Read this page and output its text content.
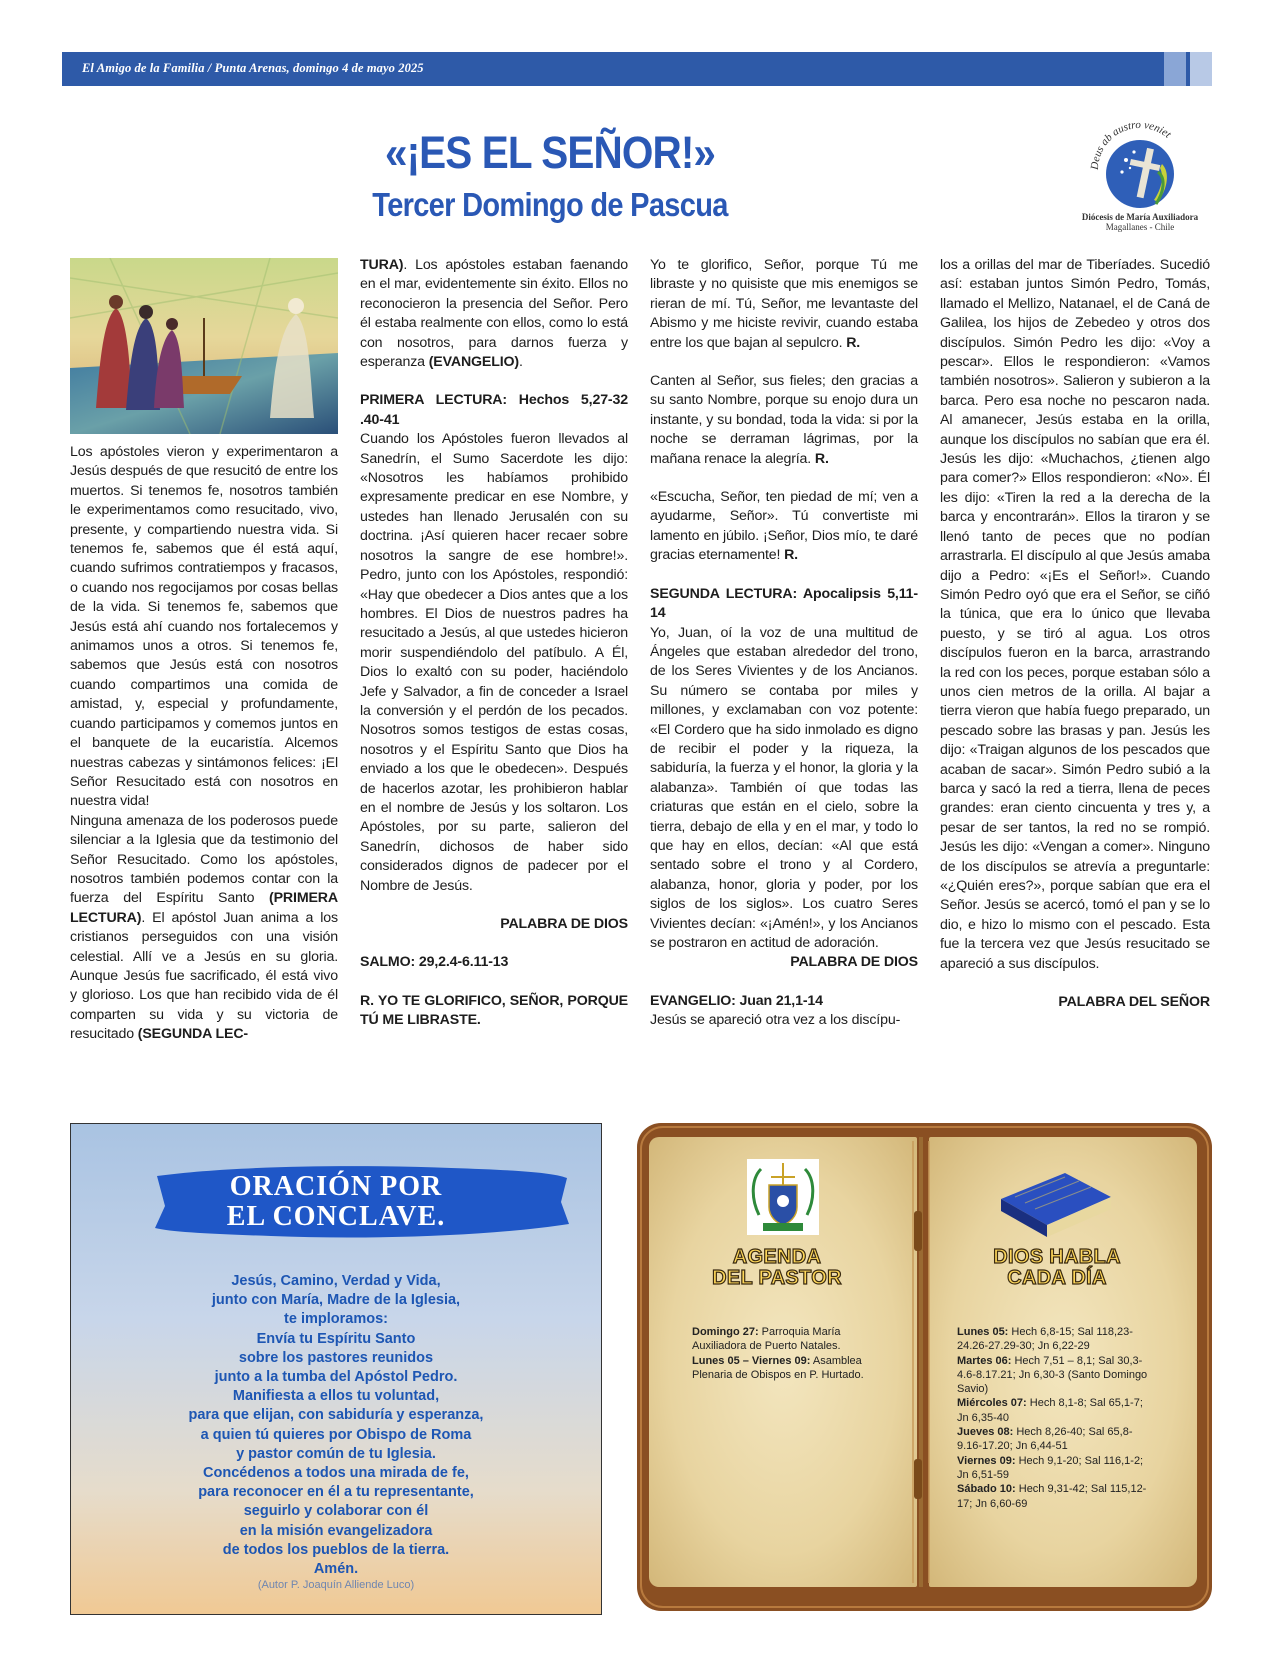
El Amigo de la Familia / Punta Arenas, domingo 4 de mayo 2025
«¡ES EL SEÑOR!»
Tercer Domingo de Pascua
Deus ab austro veniet
Diócesis de María Auxiliadora
Magallanes - Chile

Los apóstoles vieron y experimentaron a Jesús después de que resucitó de entre los muertos. Si tenemos fe, nosotros también le experimentamos como resucitado, vivo, presente, y compartiendo nuestra vida. Si tenemos fe, sabemos que él está aquí, cuando sufrimos contratiempos y fracasos, o cuando nos regocijamos por cosas bellas de la vida. Si tenemos fe, sabemos que Jesús está ahí cuando nos fortalecemos y animamos unos a otros. Si tenemos fe, sabemos que Jesús está con nosotros cuando compartimos una comida de amistad, y, especial y profundamente, cuando participamos y comemos juntos en el banquete de la eucaristía. Alcemos nuestras cabezas y sintámonos felices: ¡El Señor Resucitado está con nosotros en nuestra vida!

Ninguna amenaza de los poderosos puede silenciar a la Iglesia que da testimonio del Señor Resucitado. Como los apóstoles, nosotros también podemos contar con la fuerza del Espíritu Santo (PRIMERA LECTURA). El apóstol Juan anima a los cristianos perseguidos con una visión celestial. Allí ve a Jesús en su gloria. Aunque Jesús fue sacrificado, él está vivo y glorioso. Los que han recibido vida de él comparten su vida y su victoria de resucitado (SEGUNDA LEC-

TURA). Los apóstoles estaban faenando en el mar, evidentemente sin éxito. Ellos no reconocieron la presencia del Señor. Pero él estaba realmente con ellos, como lo está con nosotros, para darnos fuerza y esperanza (EVANGELIO).

PRIMERA LECTURA: Hechos 5,27-32 .40-41

Cuando los Apóstoles fueron llevados al Sanedrín, el Sumo Sacerdote les dijo: «Nosotros les habíamos prohibido expresamente predicar en ese Nombre, y ustedes han llenado Jerusalén con su doctrina. ¡Así quieren hacer recaer sobre nosotros la sangre de ese hombre!». Pedro, junto con los Apóstoles, respondió: «Hay que obedecer a Dios antes que a los hombres. El Dios de nuestros padres ha resucitado a Jesús, al que ustedes hicieron morir suspendiéndolo del patíbulo. A Él, Dios lo exaltó con su poder, haciéndolo Jefe y Salvador, a fin de conceder a Israel la conversión y el perdón de los pecados. Nosotros somos testigos de estas cosas, nosotros y el Espíritu Santo que Dios ha enviado a los que le obedecen». Después de hacerlos azotar, les prohibieron hablar en el nombre de Jesús y los soltaron. Los Apóstoles, por su parte, salieron del Sanedrín, dichosos de haber sido considerados dignos de padecer por el Nombre de Jesús.

PALABRA DE DIOS

SALMO: 29,2.4-6.11-13

R. YO TE GLORIFICO, SEÑOR, PORQUE TÚ ME LIBRASTE.

Yo te glorifico, Señor, porque Tú me libraste y no quisiste que mis enemigos se rieran de mí. Tú, Señor, me levantaste del Abismo y me hiciste revivir, cuando estaba entre los que bajan al sepulcro. R.

Canten al Señor, sus fieles; den gracias a su santo Nombre, porque su enojo dura un instante, y su bondad, toda la vida: si por la noche se derraman lágrimas, por la mañana renace la alegría. R.

«Escucha, Señor, ten piedad de mí; ven a ayudarme, Señor». Tú convertiste mi lamento en júbilo. ¡Señor, Dios mío, te daré gracias eternamente! R.

SEGUNDA LECTURA: Apocalipsis 5,11-14

Yo, Juan, oí la voz de una multitud de Ángeles que estaban alrededor del trono, de los Seres Vivientes y de los Ancianos. Su número se contaba por miles y millones, y exclamaban con voz potente: «El Cordero que ha sido inmolado es digno de recibir el poder y la riqueza, la sabiduría, la fuerza y el honor, la gloria y la alabanza». También oí que todas las criaturas que están en el cielo, sobre la tierra, debajo de ella y en el mar, y todo lo que hay en ellos, decían: «Al que está sentado sobre el trono y al Cordero, alabanza, honor, gloria y poder, por los siglos de los siglos». Los cuatro Seres Vivientes decían: «¡Amén!», y los Ancianos se postraron en actitud de adoración.

PALABRA DE DIOS

EVANGELIO: Juan 21,1-14

Jesús se apareció otra vez a los discípu-

los a orillas del mar de Tiberíades. Sucedió así: estaban juntos Simón Pedro, Tomás, llamado el Mellizo, Natanael, el de Caná de Galilea, los hijos de Zebedeo y otros dos discípulos. Simón Pedro les dijo: «Voy a pescar». Ellos le respondieron: «Vamos también nosotros». Salieron y subieron a la barca. Pero esa noche no pescaron nada. Al amanecer, Jesús estaba en la orilla, aunque los discípulos no sabían que era él. Jesús les dijo: «Muchachos, ¿tienen algo para comer?» Ellos respondieron: «No». Él les dijo: «Tiren la red a la derecha de la barca y encontrarán». Ellos la tiraron y se llenó tanto de peces que no podían arrastrarla. El discípulo al que Jesús amaba dijo a Pedro: «¡Es el Señor!». Cuando Simón Pedro oyó que era el Señor, se ciñó la túnica, que era lo único que llevaba puesto, y se tiró al agua. Los otros discípulos fueron en la barca, arrastrando la red con los peces, porque estaban sólo a unos cien metros de la orilla. Al bajar a tierra vieron que había fuego preparado, un pescado sobre las brasas y pan. Jesús les dijo: «Traigan algunos de los pescados que acaban de sacar». Simón Pedro subió a la barca y sacó la red a tierra, llena de peces grandes: eran ciento cincuenta y tres y, a pesar de ser tantos, la red no se rompió. Jesús les dijo: «Vengan a comer». Ninguno de los discípulos se atrevía a preguntarle: «¿Quién eres?», porque sabían que era el Señor. Jesús se acercó, tomó el pan y se lo dio, e hizo lo mismo con el pescado. Esta fue la tercera vez que Jesús resucitado se apareció a sus discípulos.

PALABRA DEL SEÑOR

ORACIÓN POR
EL CONCLAVE.
Jesús, Camino, Verdad y Vida,
junto con María, Madre de la Iglesia,
te imploramos:
Envía tu Espíritu Santo
sobre los pastores reunidos
junto a la tumba del Apóstol Pedro.
Manifiesta a ellos tu voluntad,
para que elijan, con sabiduría y esperanza,
a quien tú quieres por Obispo de Roma
y pastor común de tu Iglesia.
Concédenos a todos una mirada de fe,
para reconocer en él a tu representante,
seguirlo y colaborar con él
en la misión evangelizadora
de todos los pueblos de la tierra.
Amén.
(Autor P. Joaquín Alliende Luco)
AGENDA
DEL PASTOR
Domingo 27: Parroquia María Auxiliadora de Puerto Natales.
Lunes 05 – Viernes 09: Asamblea Plenaria de Obispos en P. Hurtado.
DIOS HABLA
CADA DÍA
Lunes 05: Hech 6,8-15; Sal 118,23-24.26-27.29-30; Jn 6,22-29
Martes 06: Hech 7,51 – 8,1; Sal 30,3-4.6-8.17.21; Jn 6,30-3 (Santo Domingo Savio)
Miércoles 07: Hech 8,1-8; Sal 65,1-7; Jn 6,35-40
Jueves 08: Hech 8,26-40; Sal 65,8-9.16-17.20; Jn 6,44-51
Viernes 09: Hech 9,1-20; Sal 116,1-2; Jn 6,51-59
Sábado 10: Hech 9,31-42; Sal 115,12-17; Jn 6,60-69
